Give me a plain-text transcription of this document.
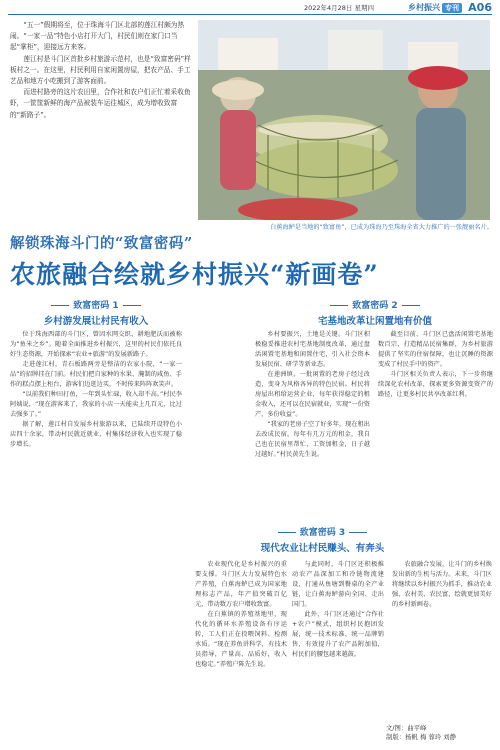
2022年4月28日 星期四	乡村振兴 专刊 A06

“五一”假期将至，位于珠海斗门区北部的莲江村颇为热闹。“一家一品”特色小店打开大门，村民们则在家门口当起“掌柜”，迎接远方来客。

莲江村是斗门区首批乡村旅游示范村，也是“致富密码”样板村之一。在这里，村民利用自家闲置房屋，把农产品、手工艺品和地方小吃搬到了游客面前。

而进村路旁的这片农田里，合作社和农户们正忙着采收鱼虾，一筐筐新鲜的海产品被装车运往城区，成为增收致富的“新路子”。

白蕉海鲈是当地的“致富鱼”，已成为珠海乃至珠海全省大力推广的一张靓丽名片。
解锁珠海斗门的“致富密码”
农旅融合绘就乡村振兴“新画卷”
致富密码 1
乡村游发展让村民有收入
致富密码 2
宅基地改革让闲置地有价值

位于珠海西部的斗门区，曾因水网交织、耕地肥沃而被称为“鱼米之乡”。随着全面推进乡村振兴，这里的村民们依托良好生态资源，开始探索“农业+旅游”的发展新路子。

走进莲江村，青石板路两旁是整洁的农家小院，“一家一品”的招牌挂在门前。村民们把自家种的水果、腌制的咸鱼、手作的糕点摆上柜台，游客们边逛边买，不时传来阵阵欢笑声。

“以前我们种田打鱼，一年到头忙碌，收入却不高。”村民李阿姨说，“现在游客来了，我家的小店一天能卖上几百元，比过去强多了。”

据了解，莲江村自发展乡村旅游以来，已陆续开设特色小店四十余家，带动村民就近就业，村集体经济收入也实现了稳步增长。

乡村要振兴，土地是关键。斗门区积极稳妥推进农村宅基地制度改革，通过盘活闲置宅基地和闲置住宅，引入社会资本发展民宿、研学等新业态。

在莲洲镇，一批闲置的老房子经过改造，变身为风格各异的特色民宿。村民将房屋出租给运营企业，每年获得稳定的租金收入，还可以在民宿就业，实现“一份资产、多份收益”。

“我家的老房子空了好多年，现在租出去改成民宿，每年有几万元的租金，我自己也在民宿里帮忙，工资加租金，日子越过越好。”村民黄先生说。

截至目前，斗门区已盘活闲置宅基地数百宗，打造精品民宿集群，为乡村旅游提供了坚实的住宿保障，也让沉睡的资源变成了村民手中的资产。

斗门区相关负责人表示，下一步将继续深化农村改革，探索更多资源变资产的路径，让更多村民共享改革红利。

致富密码 3
现代农业让村民赚头、有奔头

农业现代化是乡村振兴的重要支撑。斗门区大力发展特色水产养殖，白蕉海鲈已成为国家地理标志产品，年产值突破百亿元，带动数万农户增收致富。

在白蕉镇的养殖基地里，现代化的循环水养殖设备有序运转，工人们正在投喂饲料、检测水质。“现在养鱼讲科学，有技术员指导，产量高、品质好，收入也稳定。”养殖户陈先生说。

与此同时，斗门区还积极推动农产品深加工和冷链物流建设，打通从鱼塘到餐桌的全产业链，让白蕉海鲈游向全国、走出国门。

此外，斗门区还通过“合作社+农户”模式，组织村民抱团发展，统一技术标准、统一品牌销售，有效提升了农产品附加值，村民们的腰包越来越鼓。

农旅融合发展，让斗门的乡村焕发出新的生机与活力。未来，斗门区将继续以乡村振兴为抓手，推动农业强、农村美、农民富，绘就更加美好的乡村新画卷。

文/图：曲平峰
制版：杨帆 梅 蓉玲 刘静
